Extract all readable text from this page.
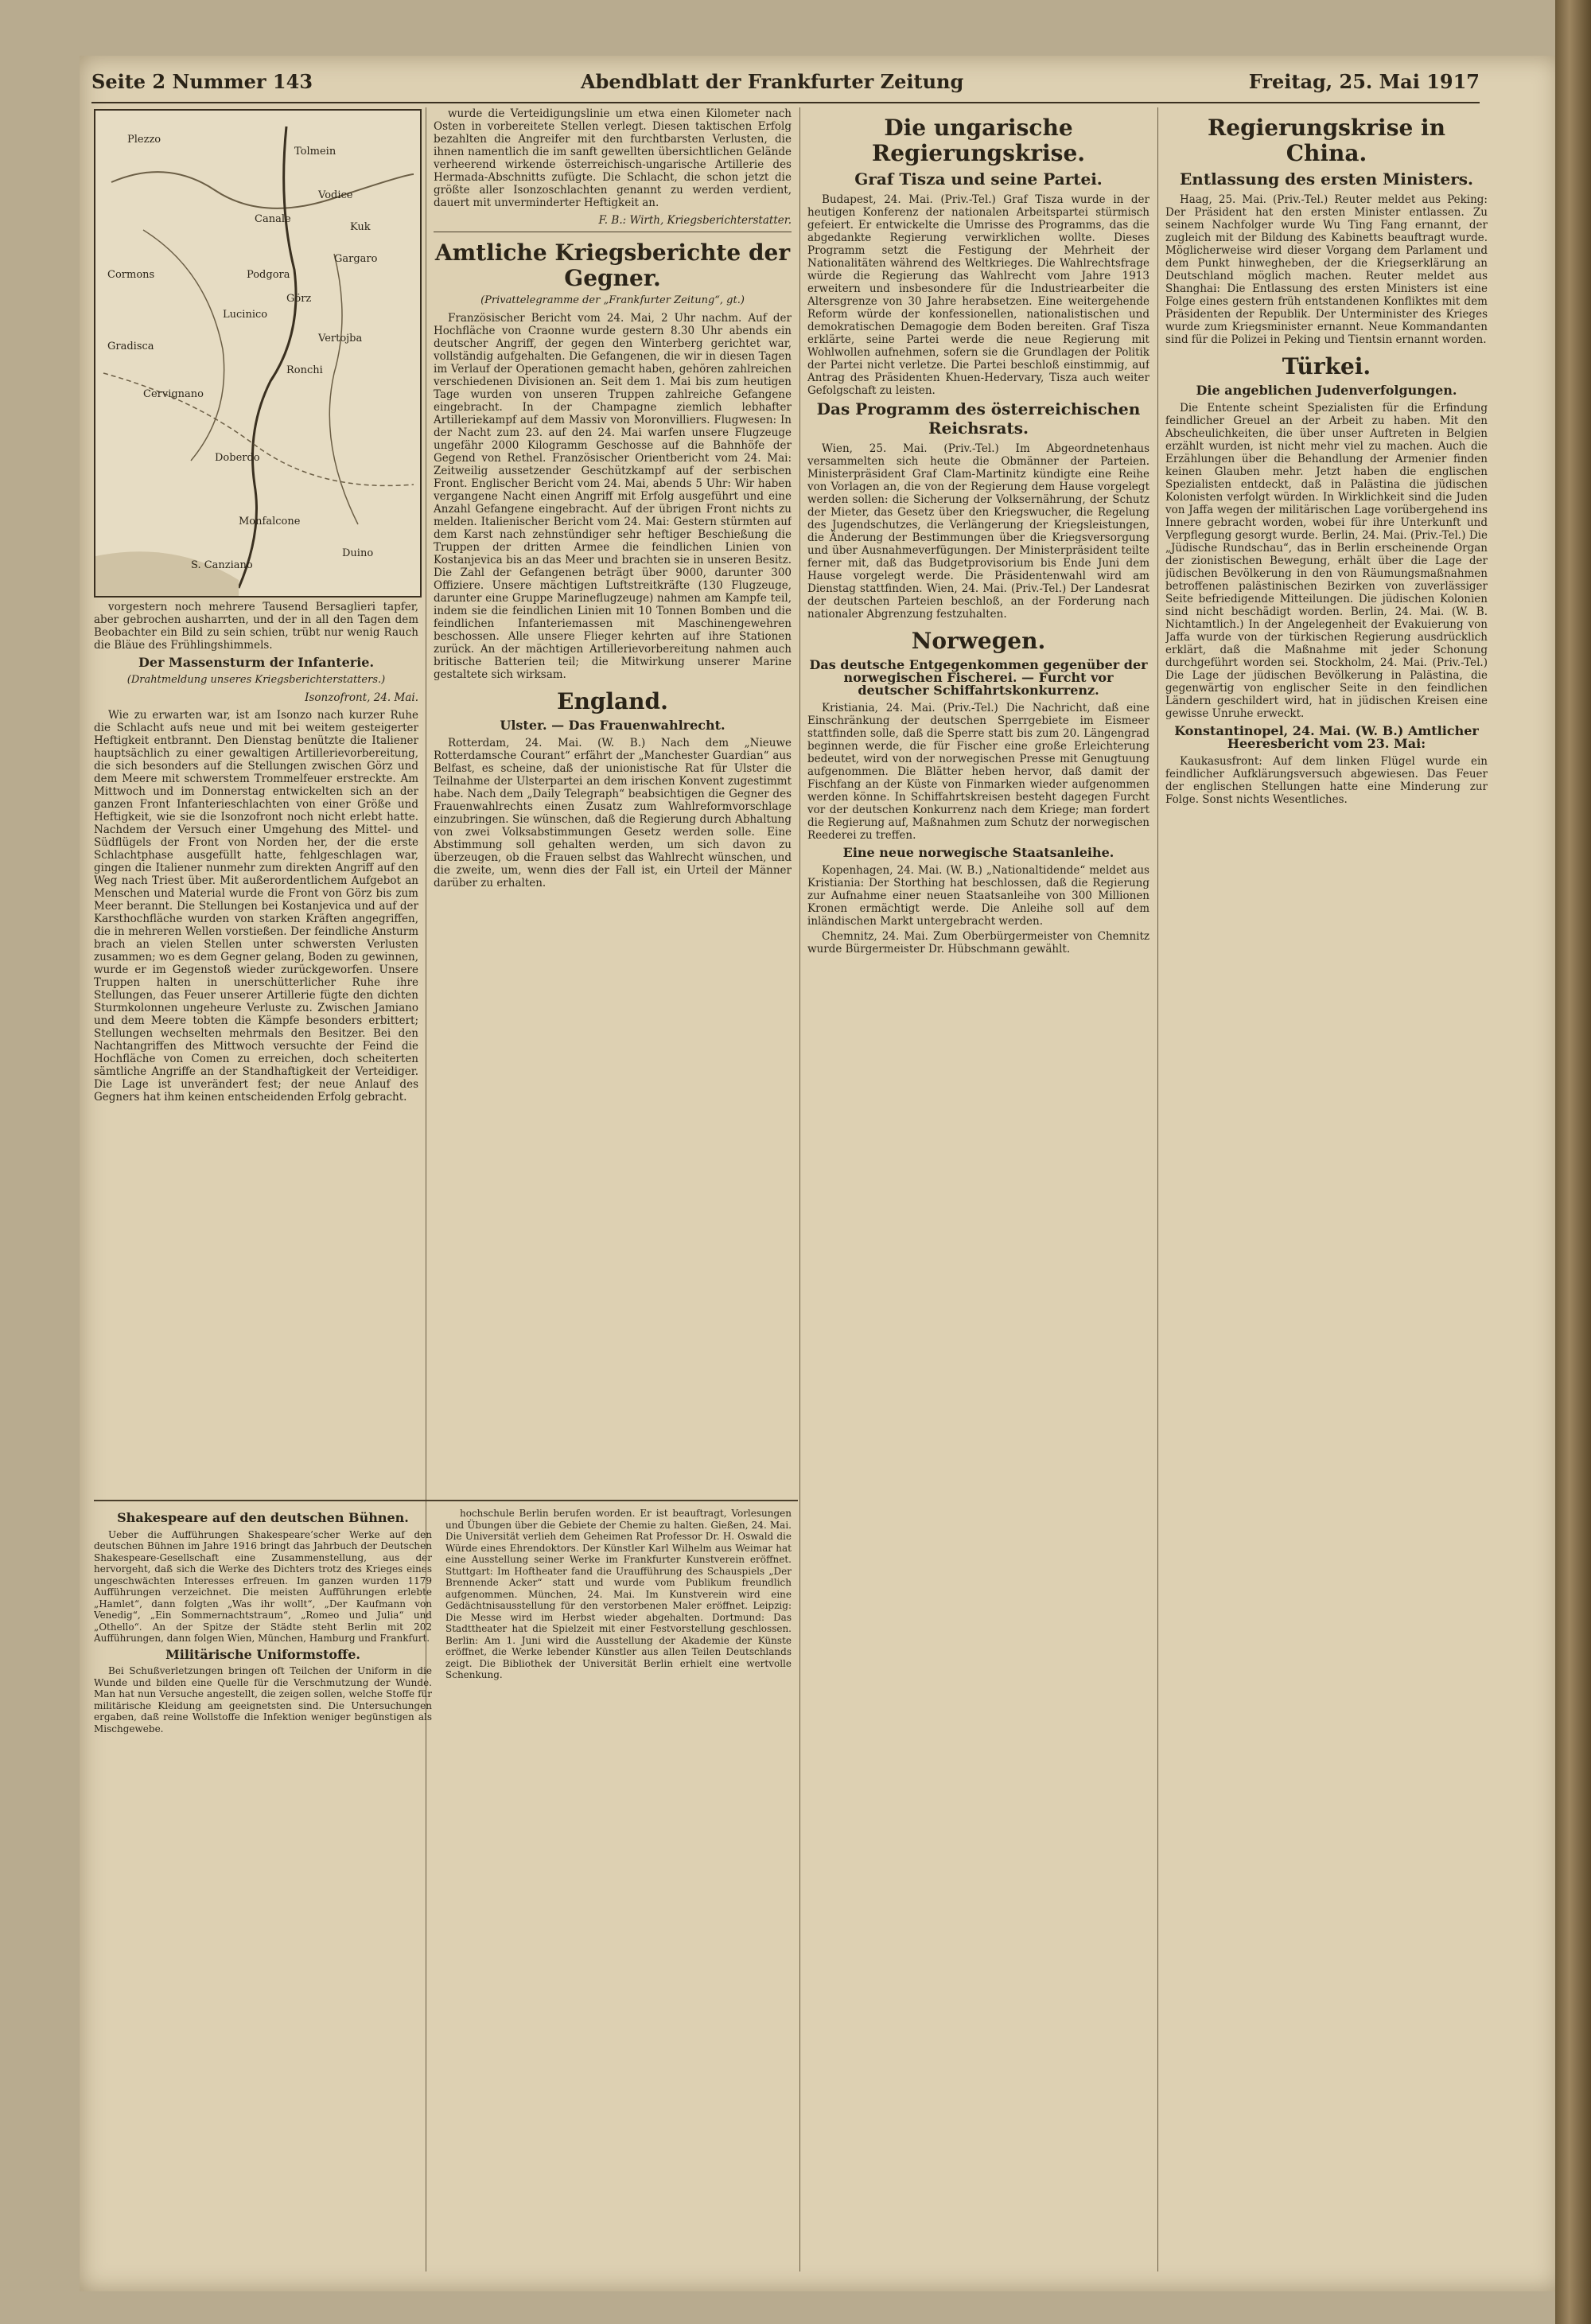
Seite 2 Nummer 143	Abendblatt der Frankfurter Zeitung	Freitag, 25. Mai 1917
Plezzo
Tolmein
Canale
Cormons
Görz
Gradisca
Monfalcone
Doberdo
Duino
S. Canziano
Lucinico
Cervignano
Ronchi
Podgora
Vodice
Kuk
Gargaro
Vertojba

vorgestern noch mehrere Tausend Bersaglieri tapfer, aber gebrochen ausharrten, und der in all den Tagen dem Beobachter ein Bild zu sein schien, trübt nur wenig Rauch die Bläue des Frühlingshimmels.

Der Massensturm der Infanterie.
(Drahtmeldung unseres Kriegsberichterstatters.)
Isonzofront, 24. Mai.

Wie zu erwarten war, ist am Isonzo nach kurzer Ruhe die Schlacht aufs neue und mit bei weitem gesteigerter Heftigkeit entbrannt. Den Dienstag benützte die Italiener hauptsächlich zu einer gewaltigen Artillerievorbereitung, die sich besonders auf die Stellungen zwischen Görz und dem Meere mit schwerstem Trommelfeuer erstreckte. Am Mittwoch und im Donnerstag entwickelten sich an der ganzen Front Infanterieschlachten von einer Größe und Heftigkeit, wie sie die Isonzofront noch nicht erlebt hatte. Nachdem der Versuch einer Umgehung des Mittel- und Südflügels der Front von Norden her, der die erste Schlachtphase ausgefüllt hatte, fehlgeschlagen war, gingen die Italiener nunmehr zum direkten Angriff auf den Weg nach Triest über. Mit außerordentlichem Aufgebot an Menschen und Material wurde die Front von Görz bis zum Meer berannt. Die Stellungen bei Kostanjevica und auf der Karsthochfläche wurden von starken Kräften angegriffen, die in mehreren Wellen vorstießen. Der feindliche Ansturm brach an vielen Stellen unter schwersten Verlusten zusammen; wo es dem Gegner gelang, Boden zu gewinnen, wurde er im Gegenstoß wieder zurückgeworfen. Unsere Truppen halten in unerschütterlicher Ruhe ihre Stellungen, das Feuer unserer Artillerie fügte den dichten Sturmkolonnen ungeheure Verluste zu. Zwischen Jamiano und dem Meere tobten die Kämpfe besonders erbittert; Stellungen wechselten mehrmals den Besitzer. Bei den Nachtangriffen des Mittwoch versuchte der Feind die Hochfläche von Comen zu erreichen, doch scheiterten sämtliche Angriffe an der Standhaftigkeit der Verteidiger. Die Lage ist unverändert fest; der neue Anlauf des Gegners hat ihm keinen entscheidenden Erfolg gebracht.

wurde die Verteidigungslinie um etwa einen Kilometer nach Osten in vorbereitete Stellen verlegt. Diesen taktischen Erfolg bezahlten die Angreifer mit den furchtbarsten Verlusten, die ihnen namentlich die im sanft gewellten übersichtlichen Gelände verheerend wirkende österreichisch-ungarische Artillerie des Hermada-Abschnitts zufügte. Die Schlacht, die schon jetzt die größte aller Isonzoschlachten genannt zu werden verdient, dauert mit unverminderter Heftigkeit an.

F. B.: Wirth, Kriegsberichterstatter.
Amtliche Kriegsberichte der Gegner.
(Privattelegramme der „Frankfurter Zeitung“, gt.)

Französischer Bericht vom 24. Mai, 2 Uhr nachm. Auf der Hochfläche von Craonne wurde gestern 8.30 Uhr abends ein deutscher Angriff, der gegen den Winterberg gerichtet war, vollständig aufgehalten. Die Gefangenen, die wir in diesen Tagen im Verlauf der Operationen gemacht haben, gehören zahlreichen verschiedenen Divisionen an. Seit dem 1. Mai bis zum heutigen Tage wurden von unseren Truppen zahlreiche Gefangene eingebracht. In der Champagne ziemlich lebhafter Artilleriekampf auf dem Massiv von Moronvilliers. Flugwesen: In der Nacht zum 23. auf den 24. Mai warfen unsere Flugzeuge ungefähr 2000 Kilogramm Geschosse auf die Bahnhöfe der Gegend von Rethel. Französischer Orientbericht vom 24. Mai: Zeitweilig aussetzender Geschützkampf auf der serbischen Front. Englischer Bericht vom 24. Mai, abends 5 Uhr: Wir haben vergangene Nacht einen Angriff mit Erfolg ausgeführt und eine Anzahl Gefangene eingebracht. Auf der übrigen Front nichts zu melden. Italienischer Bericht vom 24. Mai: Gestern stürmten auf dem Karst nach zehnstündiger sehr heftiger Beschießung die Truppen der dritten Armee die feindlichen Linien von Kostanjevica bis an das Meer und brachten sie in unseren Besitz. Die Zahl der Gefangenen beträgt über 9000, darunter 300 Offiziere. Unsere mächtigen Luftstreitkräfte (130 Flugzeuge, darunter eine Gruppe Marineflugzeuge) nahmen am Kampfe teil, indem sie die feindlichen Linien mit 10 Tonnen Bomben und die feindlichen Infanteriemassen mit Maschinengewehren beschossen. Alle unsere Flieger kehrten auf ihre Stationen zurück. An der mächtigen Artillerievorbereitung nahmen auch britische Batterien teil; die Mitwirkung unserer Marine gestaltete sich wirksam.

England.
Ulster. — Das Frauenwahlrecht.

Rotterdam, 24. Mai. (W. B.) Nach dem „Nieuwe Rotterdamsche Courant“ erfährt der „Manchester Guardian“ aus Belfast, es scheine, daß der unionistische Rat für Ulster die Teilnahme der Ulsterpartei an dem irischen Konvent zugestimmt habe. Nach dem „Daily Telegraph“ beabsichtigen die Gegner des Frauenwahlrechts einen Zusatz zum Wahlreformvorschlage einzubringen. Sie wünschen, daß die Regierung durch Abhaltung von zwei Volksabstimmungen Gesetz werden solle. Eine Abstimmung soll gehalten werden, um sich davon zu überzeugen, ob die Frauen selbst das Wahlrecht wünschen, und die zweite, um, wenn dies der Fall ist, ein Urteil der Männer darüber zu erhalten.

Die ungarische Regierungskrise.
Graf Tisza und seine Partei.

Budapest, 24. Mai. (Priv.-Tel.) Graf Tisza wurde in der heutigen Konferenz der nationalen Arbeitspartei stürmisch gefeiert. Er entwickelte die Umrisse des Programms, das die abgedankte Regierung verwirklichen wollte. Dieses Programm setzt die Festigung der Mehrheit der Nationalitäten während des Weltkrieges. Die Wahlrechtsfrage würde die Regierung das Wahlrecht vom Jahre 1913 erweitern und insbesondere für die Industriearbeiter die Altersgrenze von 30 Jahre herabsetzen. Eine weitergehende Reform würde der konfessionellen, nationalistischen und demokratischen Demagogie dem Boden bereiten. Graf Tisza erklärte, seine Partei werde die neue Regierung mit Wohlwollen aufnehmen, sofern sie die Grundlagen der Politik der Partei nicht verletze. Die Partei beschloß einstimmig, auf Antrag des Präsidenten Khuen-Hedervary, Tisza auch weiter Gefolgschaft zu leisten.

Das Programm des österreichischen Reichsrats.

Wien, 25. Mai. (Priv.-Tel.) Im Abgeordnetenhaus versammelten sich heute die Obmänner der Parteien. Ministerpräsident Graf Clam-Martinitz kündigte eine Reihe von Vorlagen an, die von der Regierung dem Hause vorgelegt werden sollen: die Sicherung der Volksernährung, der Schutz der Mieter, das Gesetz über den Kriegswucher, die Regelung des Jugendschutzes, die Verlängerung der Kriegsleistungen, die Änderung der Bestimmungen über die Kriegsversorgung und über Ausnahmeverfügungen. Der Ministerpräsident teilte ferner mit, daß das Budgetprovisorium bis Ende Juni dem Hause vorgelegt werde. Die Präsidentenwahl wird am Dienstag stattfinden. Wien, 24. Mai. (Priv.-Tel.) Der Landesrat der deutschen Parteien beschloß, an der Forderung nach nationaler Abgrenzung festzuhalten.

Norwegen.
Das deutsche Entgegenkommen gegenüber der norwegischen Fischerei. — Furcht vor deutscher Schiffahrtskonkurrenz.

Kristiania, 24. Mai. (Priv.-Tel.) Die Nachricht, daß eine Einschränkung der deutschen Sperrgebiete im Eismeer stattfinden solle, daß die Sperre statt bis zum 20. Längengrad beginnen werde, die für Fischer eine große Erleichterung bedeutet, wird von der norwegischen Presse mit Genugtuung aufgenommen. Die Blätter heben hervor, daß damit der Fischfang an der Küste von Finmarken wieder aufgenommen werden könne. In Schiffahrtskreisen besteht dagegen Furcht vor der deutschen Konkurrenz nach dem Kriege; man fordert die Regierung auf, Maßnahmen zum Schutz der norwegischen Reederei zu treffen.

Eine neue norwegische Staatsanleihe.

Kopenhagen, 24. Mai. (W. B.) „Nationaltidende“ meldet aus Kristiania: Der Storthing hat beschlossen, daß die Regierung zur Aufnahme einer neuen Staatsanleihe von 300 Millionen Kronen ermächtigt werde. Die Anleihe soll auf dem inländischen Markt untergebracht werden.

Chemnitz, 24. Mai. Zum Oberbürgermeister von Chemnitz wurde Bürgermeister Dr. Hübschmann gewählt.

Regierungskrise in China.
Entlassung des ersten Ministers.

Haag, 25. Mai. (Priv.-Tel.) Reuter meldet aus Peking: Der Präsident hat den ersten Minister entlassen. Zu seinem Nachfolger wurde Wu Ting Fang ernannt, der zugleich mit der Bildung des Kabinetts beauftragt wurde. Möglicherweise wird dieser Vorgang dem Parlament und dem Punkt hinwegheben, der die Kriegserklärung an Deutschland möglich machen. Reuter meldet aus Shanghai: Die Entlassung des ersten Ministers ist eine Folge eines gestern früh entstandenen Konfliktes mit dem Präsidenten der Republik. Der Unterminister des Krieges wurde zum Kriegsminister ernannt. Neue Kommandanten sind für die Polizei in Peking und Tientsin ernannt worden.

Türkei.
Die angeblichen Judenverfolgungen.

Die Entente scheint Spezialisten für die Erfindung feindlicher Greuel an der Arbeit zu haben. Mit den Abscheulichkeiten, die über unser Auftreten in Belgien erzählt wurden, ist nicht mehr viel zu machen. Auch die Erzählungen über die Behandlung der Armenier finden keinen Glauben mehr. Jetzt haben die englischen Spezialisten entdeckt, daß in Palästina die jüdischen Kolonisten verfolgt würden. In Wirklichkeit sind die Juden von Jaffa wegen der militärischen Lage vorübergehend ins Innere gebracht worden, wobei für ihre Unterkunft und Verpflegung gesorgt wurde. Berlin, 24. Mai. (Priv.-Tel.) Die „Jüdische Rundschau“, das in Berlin erscheinende Organ der zionistischen Bewegung, erhält über die Lage der jüdischen Bevölkerung in den von Räumungsmaßnahmen betroffenen palästinischen Bezirken von zuverlässiger Seite befriedigende Mitteilungen. Die jüdischen Kolonien sind nicht beschädigt worden. Berlin, 24. Mai. (W. B. Nichtamtlich.) In der Angelegenheit der Evakuierung von Jaffa wurde von der türkischen Regierung ausdrücklich erklärt, daß die Maßnahme mit jeder Schonung durchgeführt worden sei. Stockholm, 24. Mai. (Priv.-Tel.) Die Lage der jüdischen Bevölkerung in Palästina, die gegenwärtig von englischer Seite in den feindlichen Ländern geschildert wird, hat in jüdischen Kreisen eine gewisse Unruhe erweckt.

Konstantinopel, 24. Mai. (W. B.) Amtlicher Heeresbericht vom 23. Mai:

Kaukasusfront: Auf dem linken Flügel wurde ein feindlicher Aufklärungsversuch abgewiesen. Das Feuer der englischen Stellungen hatte eine Minderung zur Folge. Sonst nichts Wesentliches.

Shakespeare auf den deutschen Bühnen.

Ueber die Aufführungen Shakespeare’scher Werke auf den deutschen Bühnen im Jahre 1916 bringt das Jahrbuch der Deutschen Shakespeare-Gesellschaft eine Zusammenstellung, aus der hervorgeht, daß sich die Werke des Dichters trotz des Krieges eines ungeschwächten Interesses erfreuen. Im ganzen wurden 1179 Aufführungen verzeichnet. Die meisten Aufführungen erlebte „Hamlet“, dann folgten „Was ihr wollt“, „Der Kaufmann von Venedig“, „Ein Sommernachtstraum“, „Romeo und Julia“ und „Othello“. An der Spitze der Städte steht Berlin mit 202 Aufführungen, dann folgen Wien, München, Hamburg und Frankfurt.

Militärische Uniformstoffe.

Bei Schußverletzungen bringen oft Teilchen der Uniform in die Wunde und bilden eine Quelle für die Verschmutzung der Wunde. Man hat nun Versuche angestellt, die zeigen sollen, welche Stoffe für militärische Kleidung am geeignetsten sind. Die Untersuchungen ergaben, daß reine Wollstoffe die Infektion weniger begünstigen als Mischgewebe.

hochschule Berlin berufen worden. Er ist beauftragt, Vorlesungen und Übungen über die Gebiete der Chemie zu halten. Gießen, 24. Mai. Die Universität verlieh dem Geheimen Rat Professor Dr. H. Oswald die Würde eines Ehrendoktors. Der Künstler Karl Wilhelm aus Weimar hat eine Ausstellung seiner Werke im Frankfurter Kunstverein eröffnet. Stuttgart: Im Hoftheater fand die Uraufführung des Schauspiels „Der Brennende Acker“ statt und wurde vom Publikum freundlich aufgenommen. München, 24. Mai. Im Kunstverein wird eine Gedächtnisausstellung für den verstorbenen Maler eröffnet. Leipzig: Die Messe wird im Herbst wieder abgehalten. Dortmund: Das Stadttheater hat die Spielzeit mit einer Festvorstellung geschlossen. Berlin: Am 1. Juni wird die Ausstellung der Akademie der Künste eröffnet, die Werke lebender Künstler aus allen Teilen Deutschlands zeigt. Die Bibliothek der Universität Berlin erhielt eine wertvolle Schenkung.
